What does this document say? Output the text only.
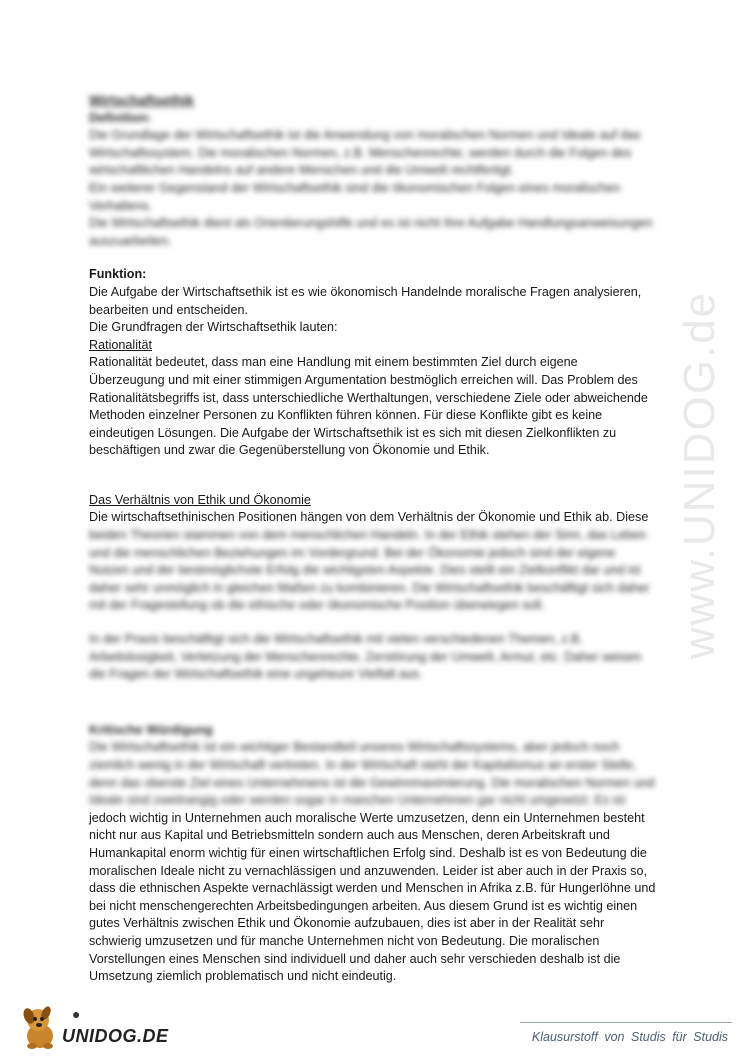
Wirtschaftsethik

Definition:

Die Grundlage der Wirtschaftsethik ist die Anwendung von moralischen Normen und Ideale auf das

Wirtschaftssystem. Die moralischen Normen, z.B. Menschenrechte, werden durch die Folgen des

wirtschaftlichen Handelns auf andere Menschen und die Umwelt rechtfertigt.

Ein weiterer Gegenstand der Wirtschaftsethik sind die ökonomischen Folgen eines moralischen

Verhaltens.

Die Wirtschaftsethik dient als Orientierungshilfe und es ist nicht ihre Aufgabe Handlungsanweisungen

auszuarbeiten.

Funktion:

Die Aufgabe der Wirtschaftsethik ist es wie ökonomisch Handelnde moralische Fragen analysieren,

bearbeiten und entscheiden.

Die Grundfragen der Wirtschaftsethik lauten:

Rationalität

Rationalität bedeutet, dass man eine Handlung mit einem bestimmten Ziel durch eigene

Überzeugung und mit einer stimmigen Argumentation bestmöglich erreichen will. Das Problem des

Rationalitätsbegriffs ist, dass unterschiedliche Werthaltungen, verschiedene Ziele oder abweichende

Methoden einzelner Personen zu Konflikten führen können. Für diese Konflikte gibt es keine

eindeutigen Lösungen. Die Aufgabe der Wirtschaftsethik ist es sich mit diesen Zielkonflikten zu

beschäftigen und zwar die Gegenüberstellung von Ökonomie und Ethik.

Das Verhältnis von Ethik und Ökonomie

Die wirtschaftsethinischen Positionen hängen von dem Verhältnis der Ökonomie und Ethik ab. Diese

beiden Theorien stammen von dem menschlichen Handeln. In der Ethik stehen der Sinn, das Leben

und die menschlichen Beziehungen im Vordergrund. Bei der Ökonomie jedoch sind der eigene

Nutzen und der bestmöglichste Erfolg die wichtigsten Aspekte. Dies stellt ein Zielkonflikt dar und ist

daher sehr unmöglich in gleichen Maßen zu kombinieren. Die Wirtschaftsethik beschäftigt sich daher

mit der Fragestellung ob die ethische oder ökonomische Position überwiegen soll.

In der Praxis beschäftigt sich die Wirtschaftsethik mit vielen verschiedenen Themen, z.B.

Arbeitslosigkeit, Verletzung der Menschenrechte, Zerstörung der Umwelt, Armut, etc. Daher weisen

die Fragen der Wirtschaftsethik eine ungeheure Vielfalt aus.

Kritische Würdigung

Die Wirtschaftsethik ist ein wichtiger Bestandteil unseres Wirtschaftssystems, aber jedoch noch

ziemlich wenig in der Wirtschaft vertreten. In der Wirtschaft steht der Kapitalismus an erster Stelle,

denn das oberste Ziel eines Unternehmens ist die Gewinnmaximierung. Die moralischen Normen und

Ideale sind zweitrangig oder werden sogar in manchen Unternehmen gar nicht umgesetzt. Es ist

jedoch wichtig in Unternehmen auch moralische Werte umzusetzen, denn ein Unternehmen besteht

nicht nur aus Kapital und Betriebsmitteln sondern auch aus Menschen, deren Arbeitskraft und

Humankapital enorm wichtig für einen wirtschaftlichen Erfolg sind. Deshalb ist es von Bedeutung die

moralischen Ideale nicht zu vernachlässigen und anzuwenden. Leider ist aber auch in der Praxis so,

dass die ethnischen Aspekte vernachlässigt werden und Menschen in Afrika z.B. für Hungerlöhne und

bei nicht menschengerechten Arbeitsbedingungen arbeiten. Aus diesem Grund ist es wichtig einen

gutes Verhältnis zwischen Ethik und Ökonomie aufzubauen, dies ist aber in der Realität sehr

schwierig umzusetzen und für manche Unternehmen nicht von Bedeutung. Die moralischen

Vorstellungen eines Menschen sind individuell und daher auch sehr verschieden deshalb ist die

Umsetzung ziemlich problematisch und nicht eindeutig.

www.UNIDOG.de
●
UNIDOG.DE	Klausurstoff von Studis für Studis
